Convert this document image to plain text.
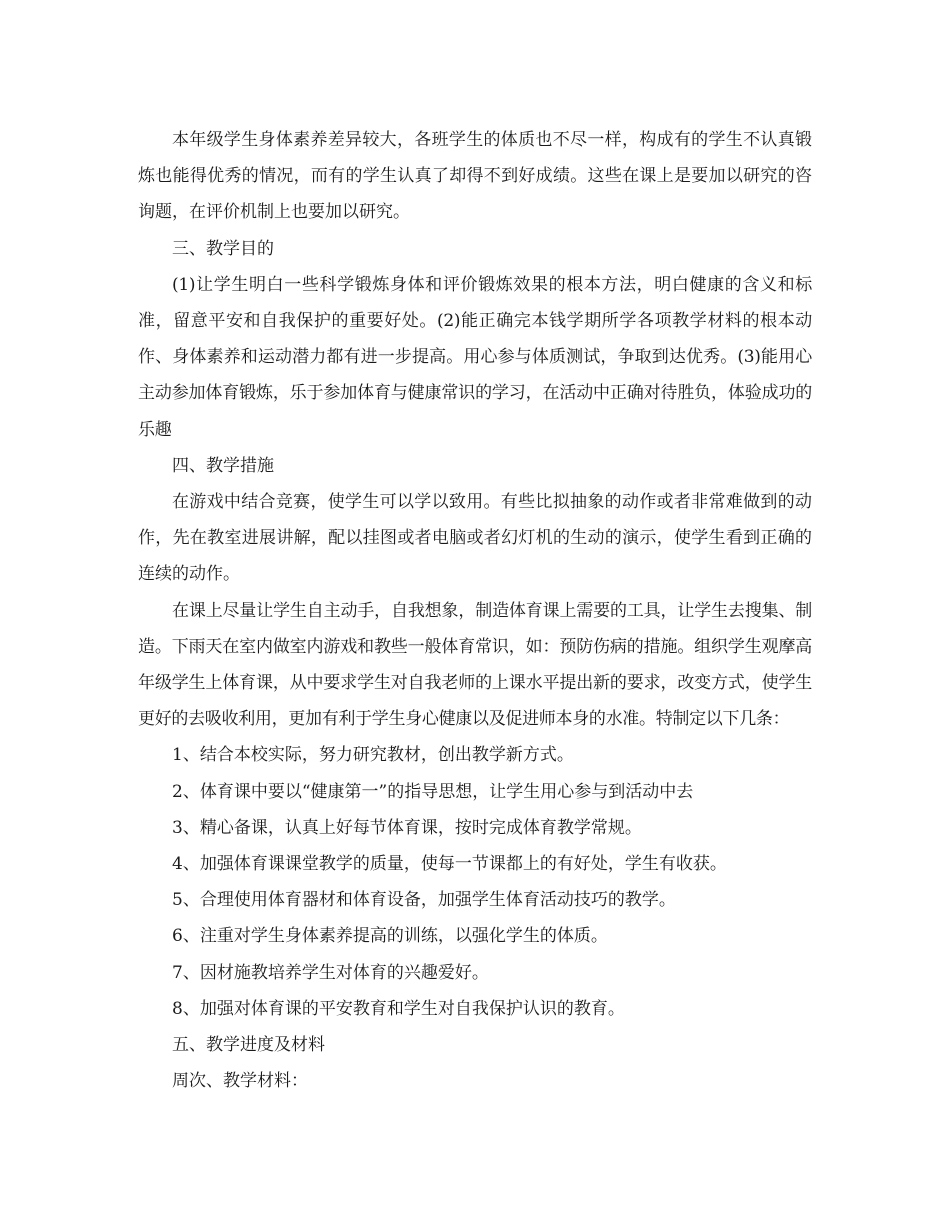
本年级学生身体素养差异较大，各班学生的体质也不尽一样，构成有的学生不认真锻炼也能得优秀的情况，而有的学生认真了却得不到好成绩。这些在课上是要加以研究的咨询题，在评价机制上也要加以研究。

三、教学目的

(1)让学生明白一些科学锻炼身体和评价锻炼效果的根本方法，明白健康的含义和标准，留意平安和自我保护的重要好处。(2)能正确完本钱学期所学各项教学材料的根本动作、身体素养和运动潜力都有进一步提高。用心参与体质测试，争取到达优秀。(3)能用心主动参加体育锻炼，乐于参加体育与健康常识的学习，在活动中正确对待胜负，体验成功的乐趣

四、教学措施

在游戏中结合竞赛，使学生可以学以致用。有些比拟抽象的动作或者非常难做到的动作，先在教室进展讲解，配以挂图或者电脑或者幻灯机的生动的演示，使学生看到正确的连续的动作。

在课上尽量让学生自主动手，自我想象，制造体育课上需要的工具，让学生去搜集、制造。下雨天在室内做室内游戏和教些一般体育常识，如：预防伤病的措施。组织学生观摩高年级学生上体育课，从中要求学生对自我老师的上课水平提出新的要求，改变方式，使学生更好的去吸收利用，更加有利于学生身心健康以及促进师本身的水准。特制定以下几条：

1、结合本校实际，努力研究教材，创出教学新方式。

2、体育课中要以“健康第一”的指导思想，让学生用心参与到活动中去

3、精心备课，认真上好每节体育课，按时完成体育教学常规。

4、加强体育课课堂教学的质量，使每一节课都上的有好处，学生有收获。

5、合理使用体育器材和体育设备，加强学生体育活动技巧的教学。

6、注重对学生身体素养提高的训练，以强化学生的体质。

7、因材施教培养学生对体育的兴趣爱好。

8、加强对体育课的平安教育和学生对自我保护认识的教育。

五、教学进度及材料

周次、教学材料：
